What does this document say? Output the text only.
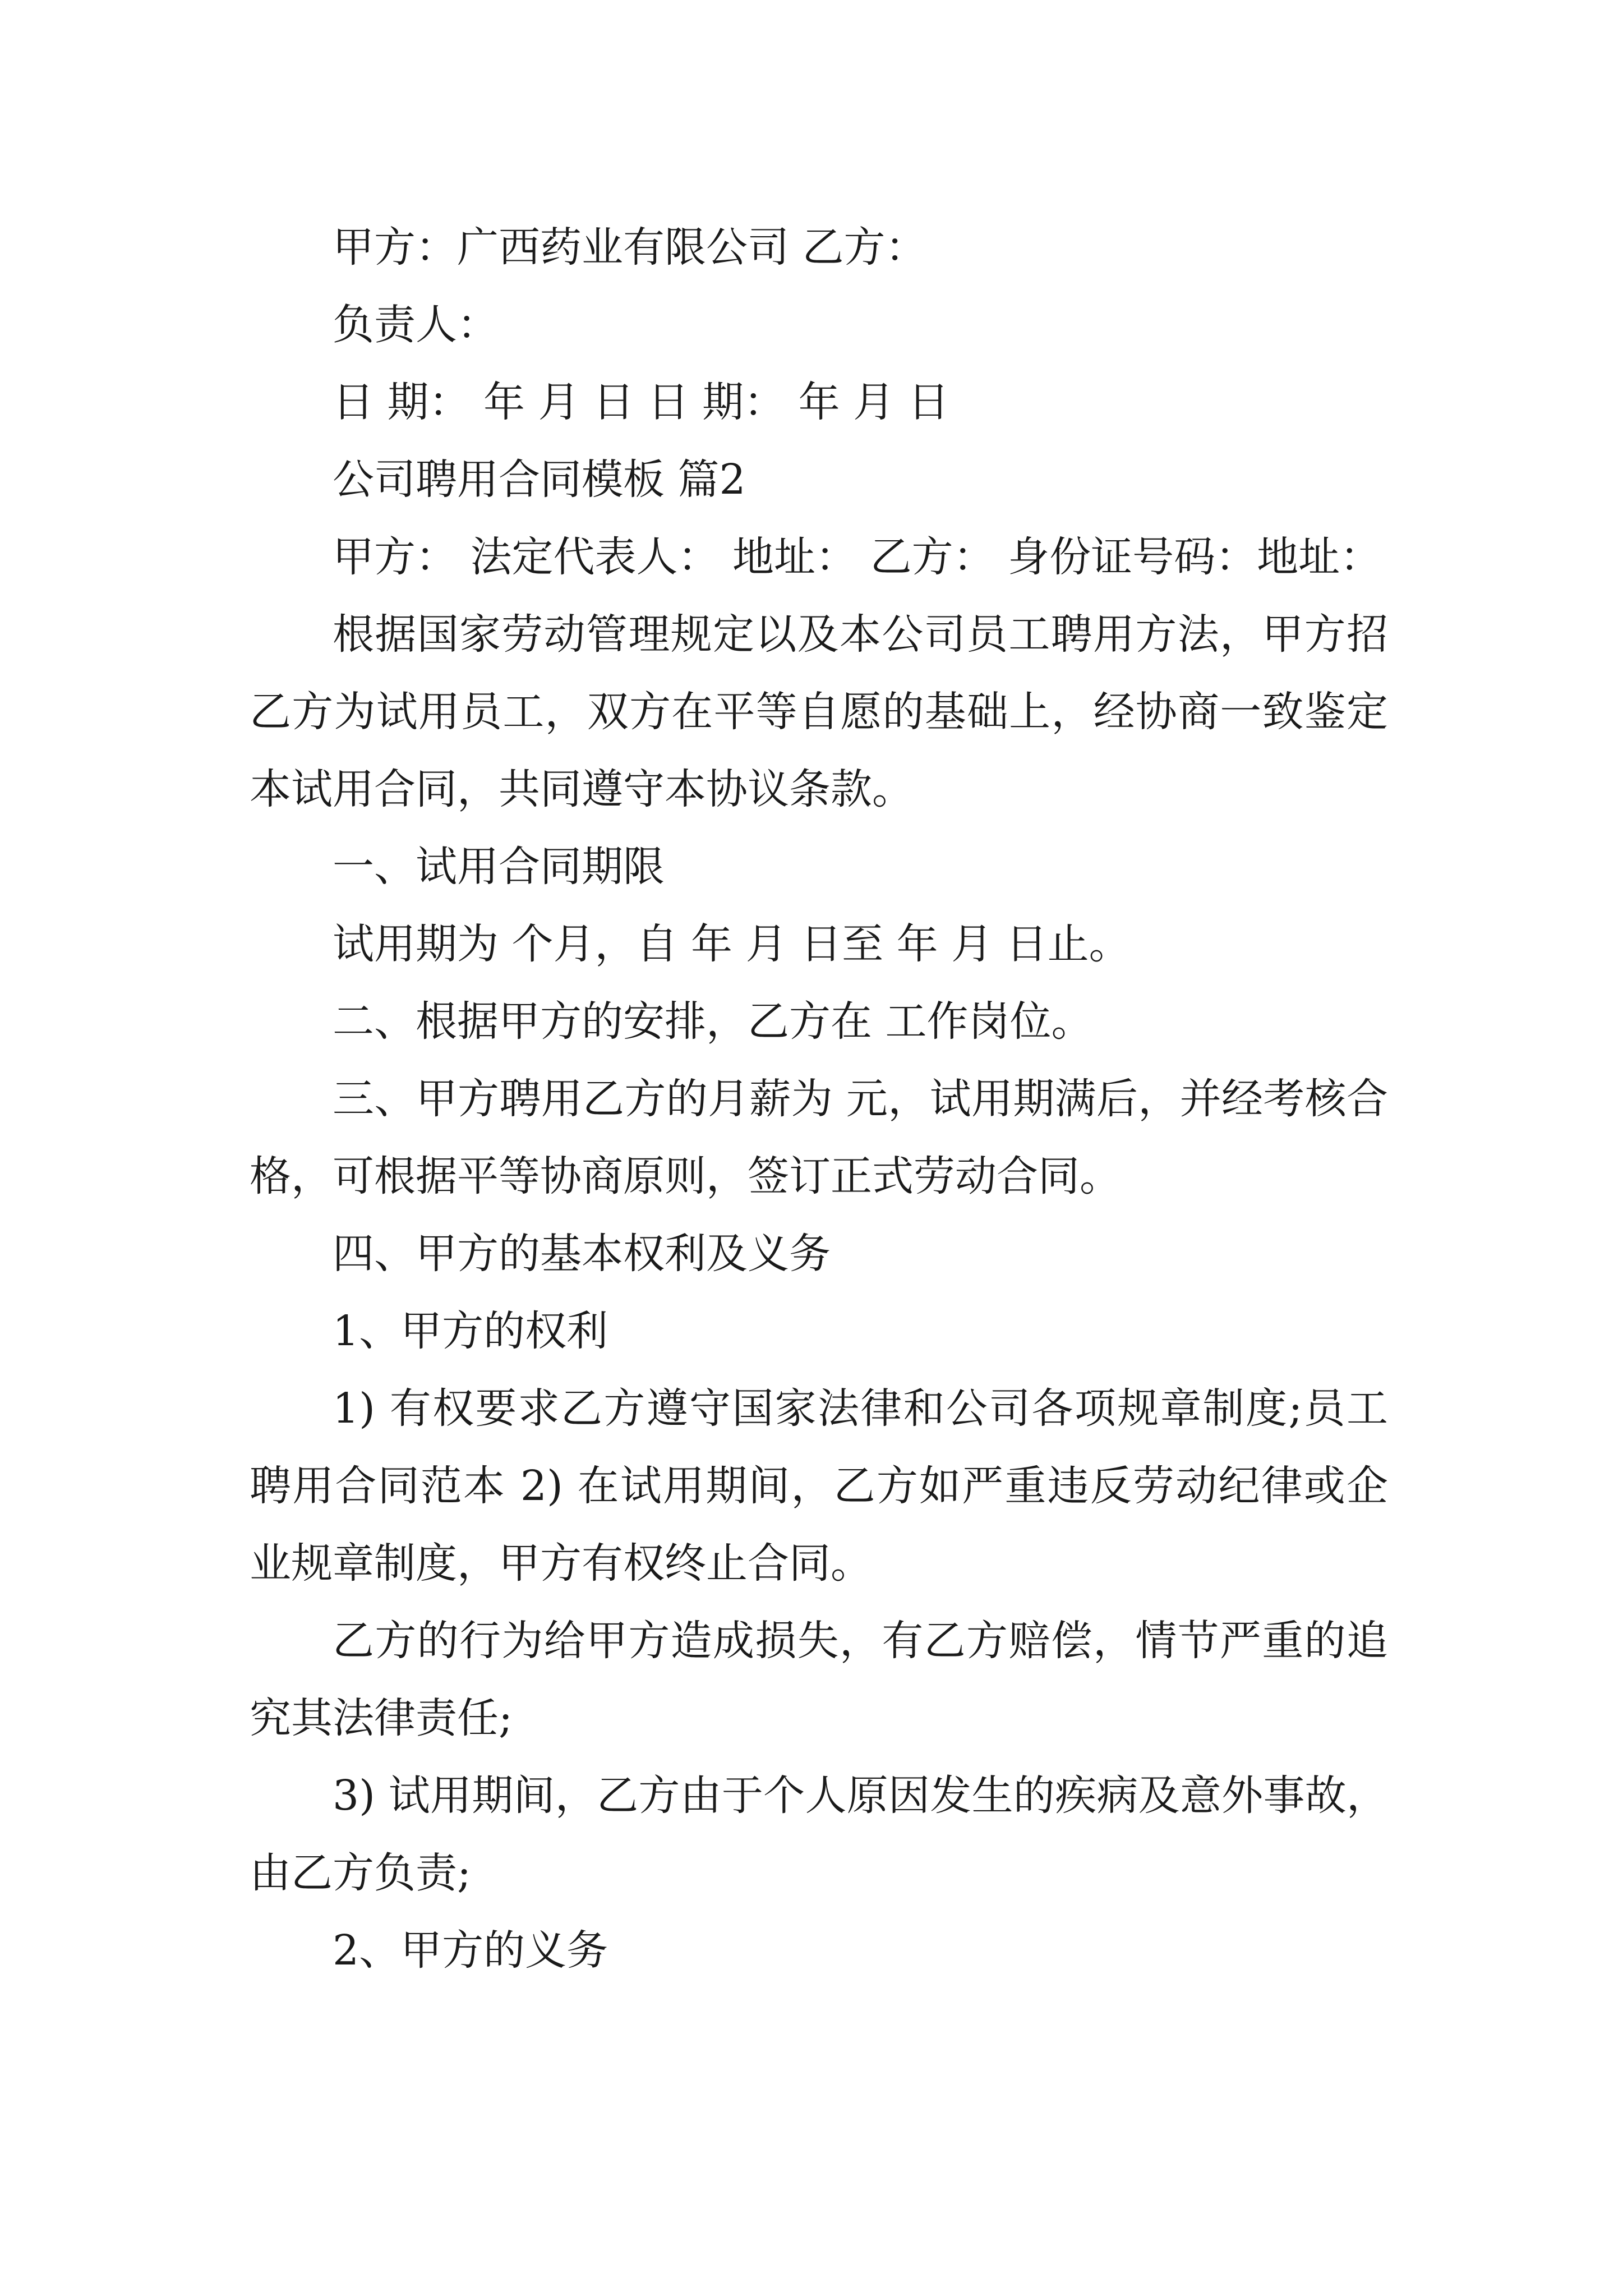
甲方：广西药业有限公司 乙方：

负责人：

日 期： 年 月 日 日 期： 年 月 日

公司聘用合同模板 篇2

甲方： 法定代表人： 地址： 乙方： 身份证号码：地址：

根据国家劳动管理规定以及本公司员工聘用方法，甲方招乙方为试用员工，双方在平等自愿的基础上，经协商一致鉴定本试用合同，共同遵守本协议条款。

一、试用合同期限

试用期为 个月，自 年 月 日至 年 月 日止。

二、根据甲方的安排，乙方在 工作岗位。

三、甲方聘用乙方的月薪为 元，试用期满后，并经考核合格，可根据平等协商原则，签订正式劳动合同。

四、甲方的基本权利及义务

1、甲方的权利

1) 有权要求乙方遵守国家法律和公司各项规章制度;员工聘用合同范本 2) 在试用期间，乙方如严重违反劳动纪律或企业规章制度，甲方有权终止合同。

乙方的行为给甲方造成损失，有乙方赔偿，情节严重的追究其法律责任;

3) 试用期间，乙方由于个人原因发生的疾病及意外事故，由乙方负责;

2、甲方的义务
